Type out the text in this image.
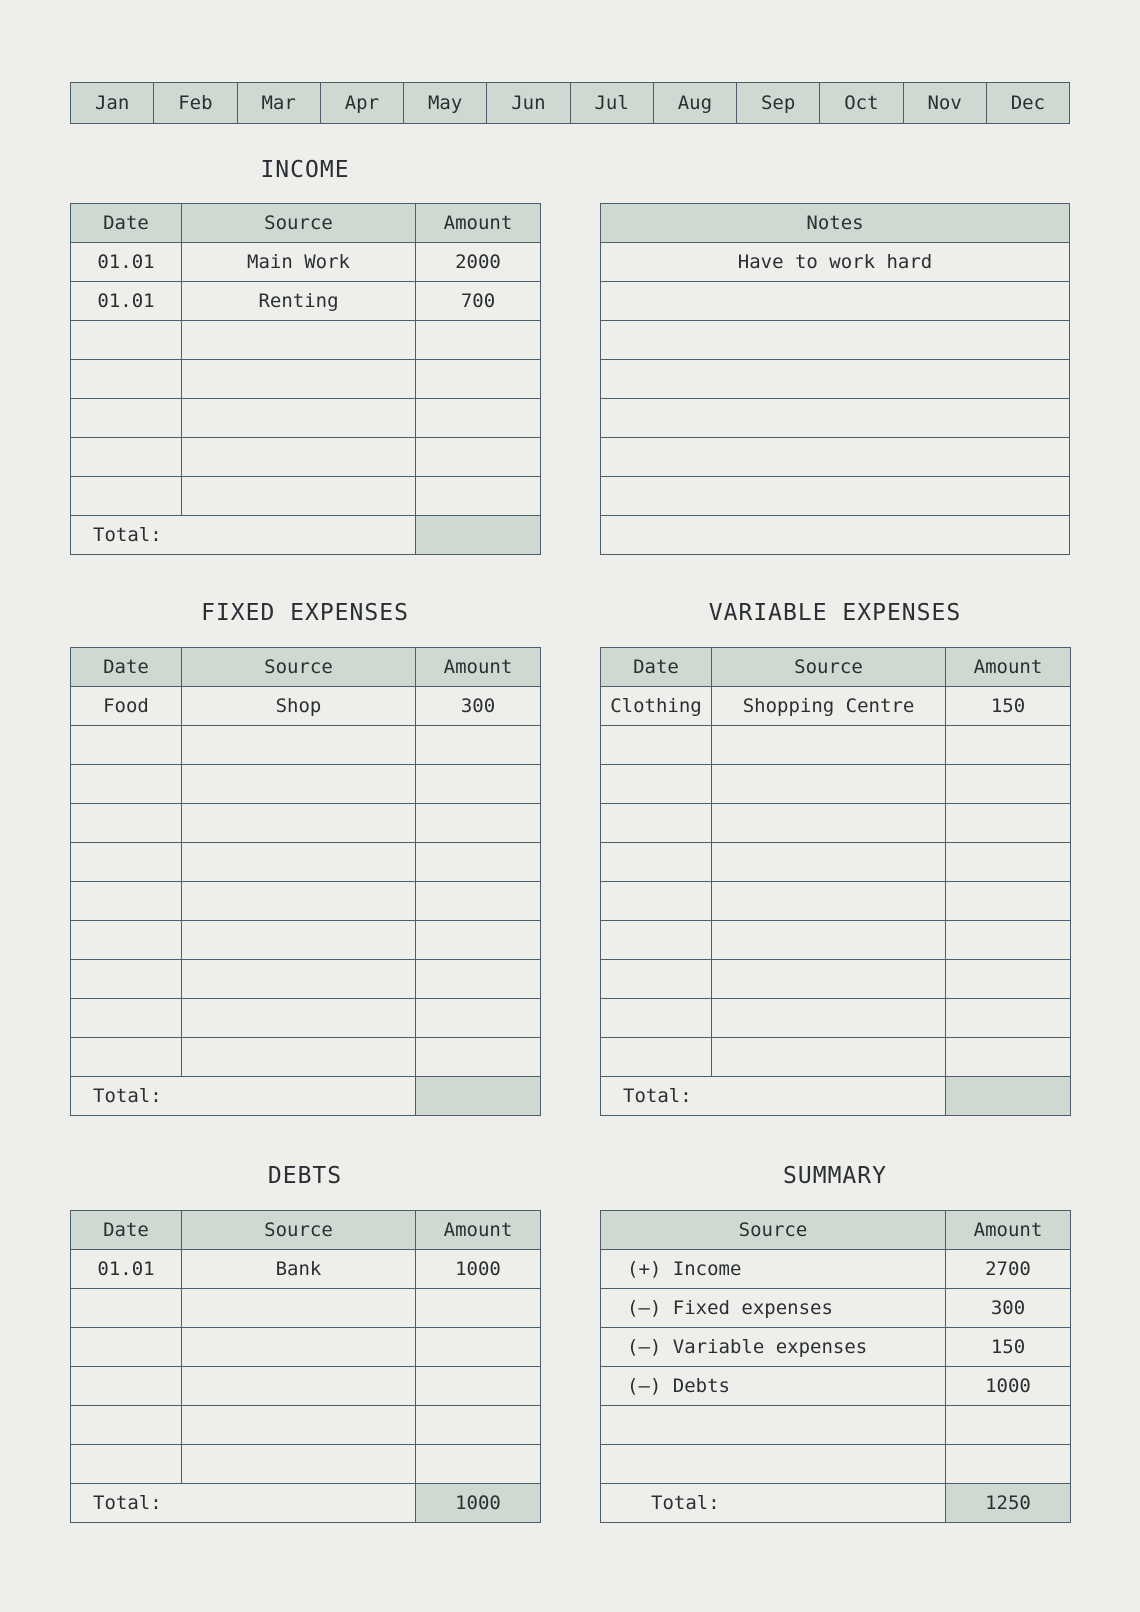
Jan	Feb	Mar	Apr	May	Jun	Jul	Aug	Sep	Oct	Nov	Dec
INCOME
Date	Source	Amount
01.01	Main Work	2000
01.01	Renting	700

Total:		
Notes
Have to work hard

FIXED EXPENSES
Date	Source	Amount
Food	Shop	300

Total:		
VARIABLE EXPENSES
Date	Source	Amount
Clothing	Shopping Centre	150

Total:		
DEBTS
Date	Source	Amount
01.01	Bank	1000

Total:		1000
SUMMARY
Source	Amount
(+) Income	2700
(–) Fixed expenses	300
(–) Variable expenses	150
(–) Debts	1000

Total:	1250
